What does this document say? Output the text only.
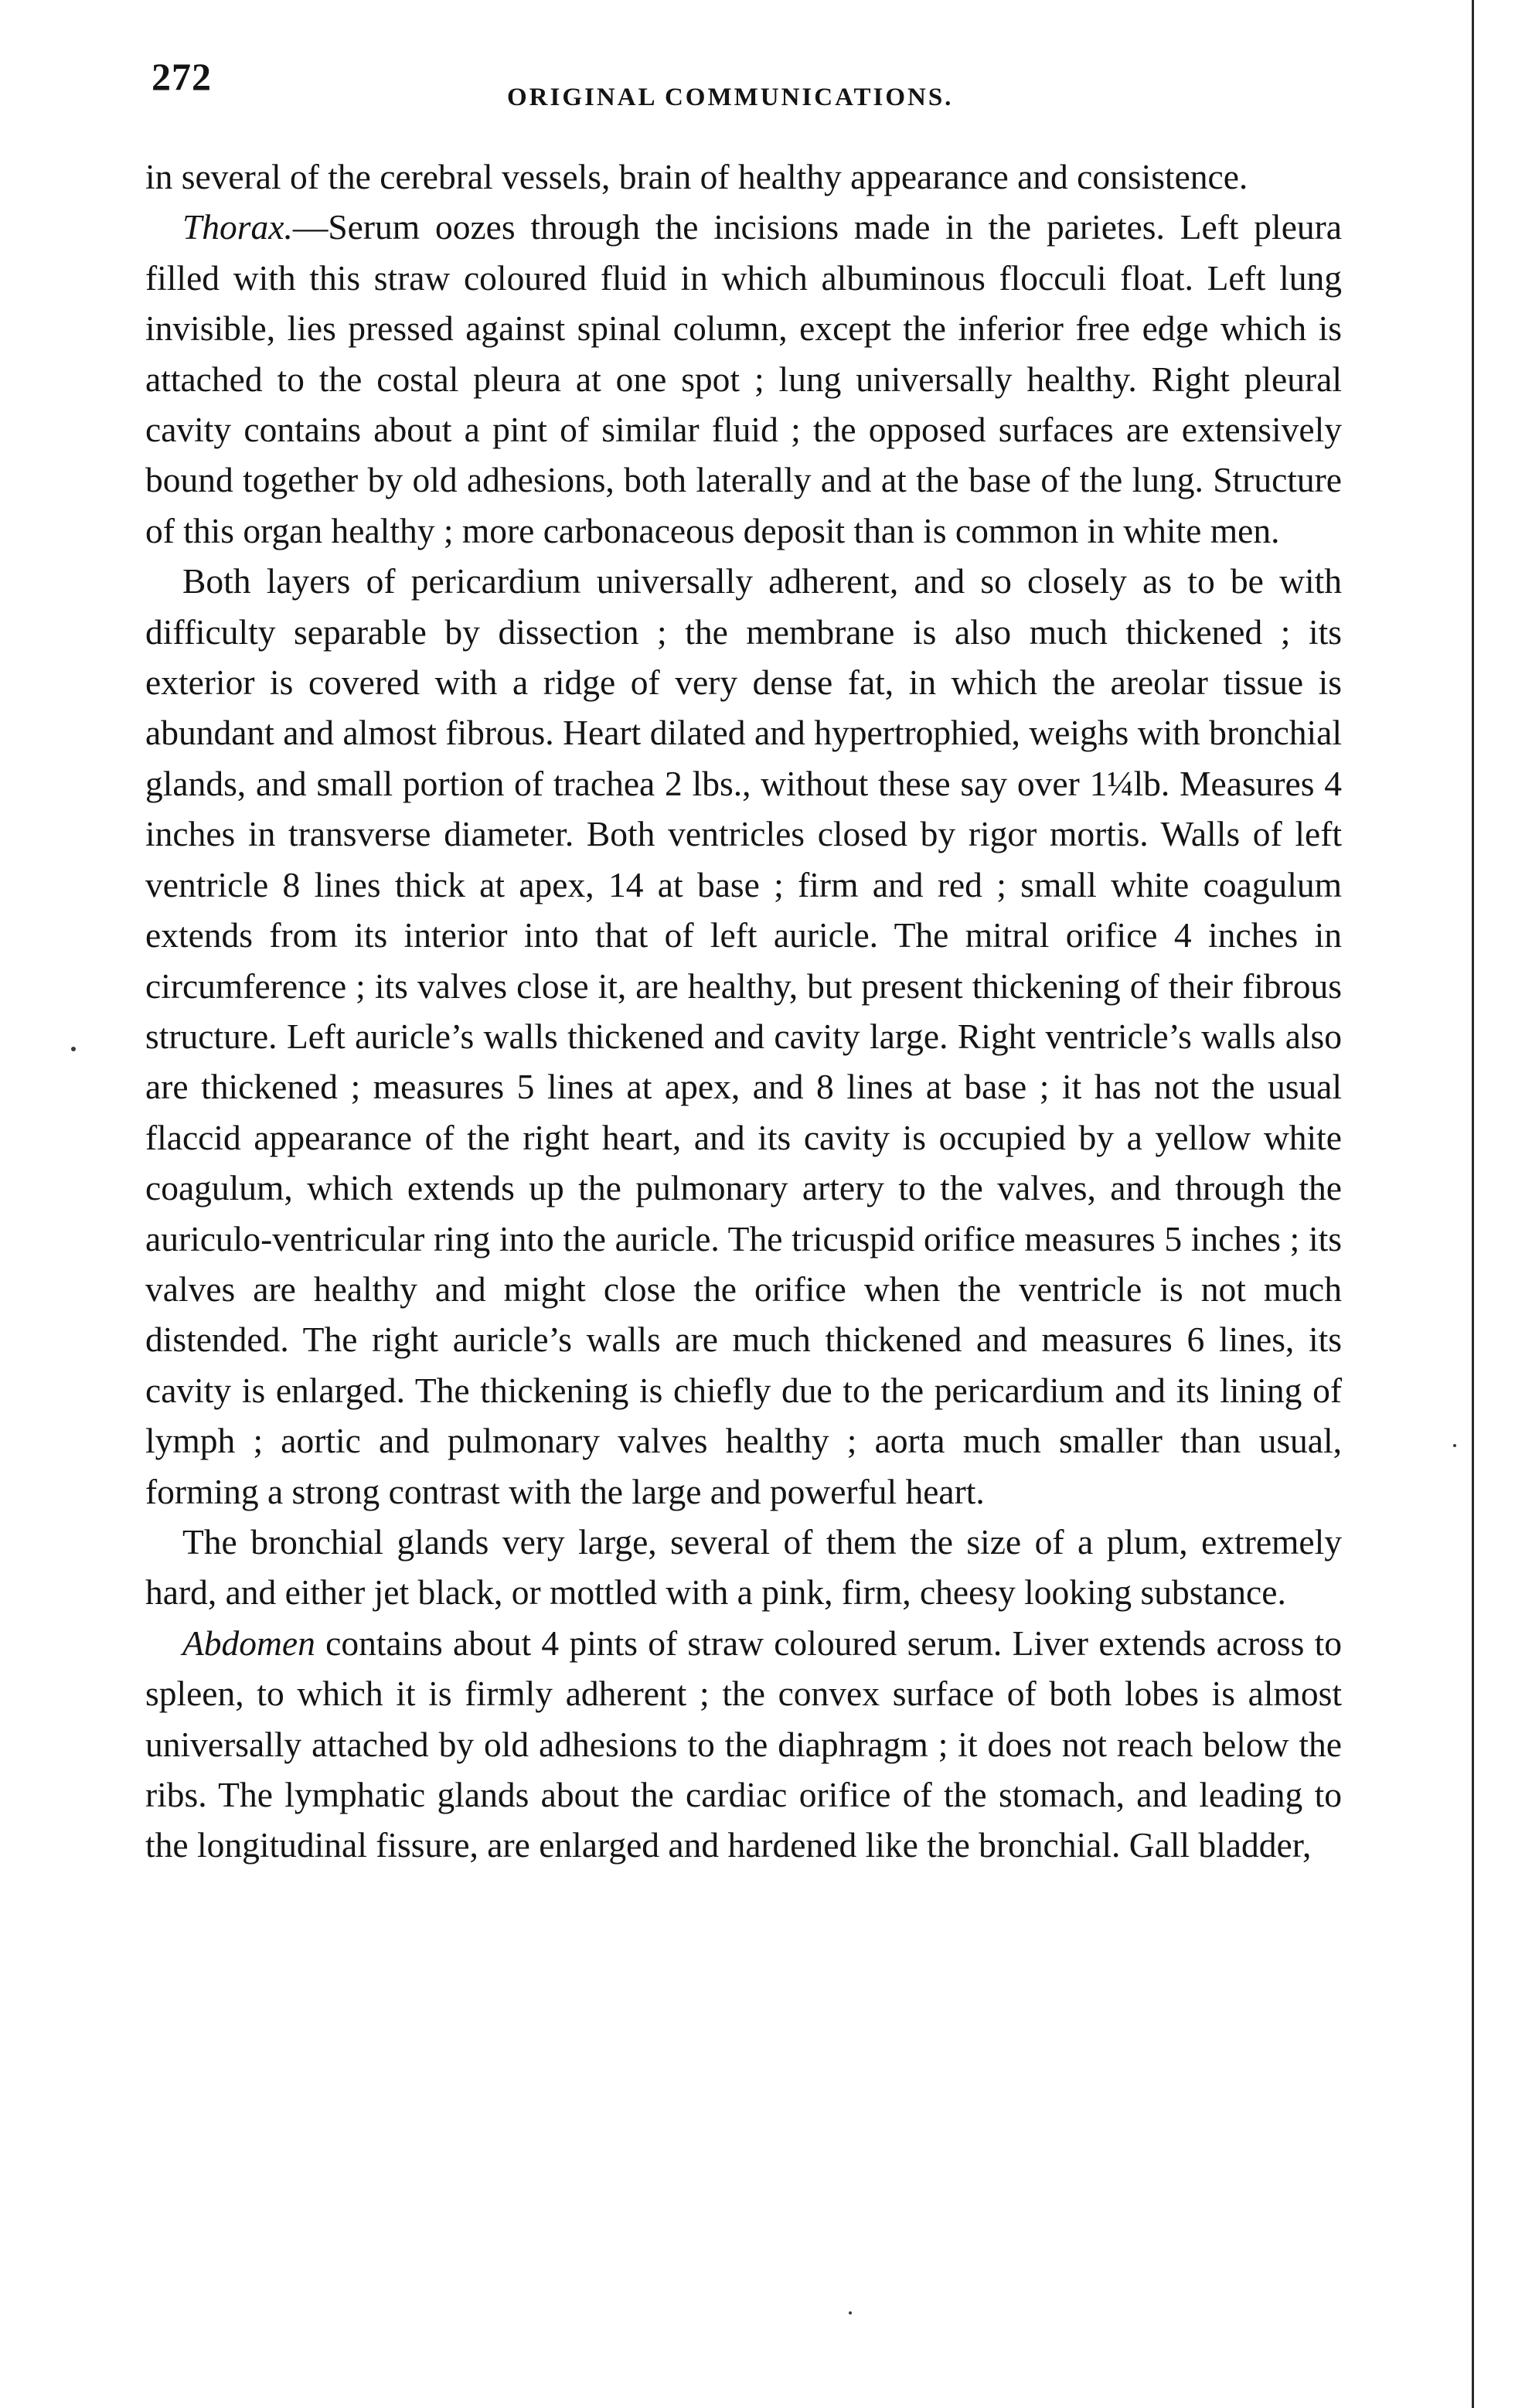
272	ORIGINAL COMMUNICATIONS.

in several of the cerebral vessels, brain of healthy appearance and consistence.

Thorax.—Serum oozes through the incisions made in the parietes. Left pleura filled with this straw coloured fluid in which albuminous flocculi float. Left lung invisible, lies pressed against spinal column, except the inferior free edge which is attached to the costal pleura at one spot ; lung universally healthy. Right pleural cavity contains about a pint of similar fluid ; the opposed surfaces are extensively bound together by old adhesions, both laterally and at the base of the lung. Structure of this organ healthy ; more carbonaceous deposit than is common in white men.

Both layers of pericardium universally adherent, and so closely as to be with difficulty separable by dissection ; the membrane is also much thickened ; its exterior is covered with a ridge of very dense fat, in which the areolar tissue is abundant and almost fibrous. Heart dilated and hypertrophied, weighs with bronchial glands, and small portion of trachea 2 lbs., without these say over 1¼lb. Measures 4 inches in transverse diameter. Both ventricles closed by rigor mortis. Walls of left ventricle 8 lines thick at apex, 14 at base ; firm and red ; small white coagulum extends from its interior into that of left auricle. The mitral orifice 4 inches in circumference ; its valves close it, are healthy, but present thickening of their fibrous structure. Left auricle’s walls thickened and cavity large. Right ventricle’s walls also are thickened ; measures 5 lines at apex, and 8 lines at base ; it has not the usual flaccid appearance of the right heart, and its cavity is occupied by a yellow white coagulum, which extends up the pulmonary artery to the valves, and through the auriculo-ventricular ring into the auricle. The tricuspid orifice measures 5 inches ; its valves are healthy and might close the orifice when the ventricle is not much distended. The right auricle’s walls are much thickened and measures 6 lines, its cavity is enlarged. The thickening is chiefly due to the pericardium and its lining of lymph ; aortic and pulmonary valves healthy ; aorta much smaller than usual, forming a strong contrast with the large and powerful heart.

The bronchial glands very large, several of them the size of a plum, extremely hard, and either jet black, or mottled with a pink, firm, cheesy looking substance.

Abdomen contains about 4 pints of straw coloured serum. Liver extends across to spleen, to which it is firmly adherent ; the convex surface of both lobes is almost universally attached by old adhesions to the diaphragm ; it does not reach below the ribs. The lymphatic glands about the cardiac orifice of the stomach, and leading to the longitudinal fissure, are enlarged and hardened like the bronchial. Gall bladder,
